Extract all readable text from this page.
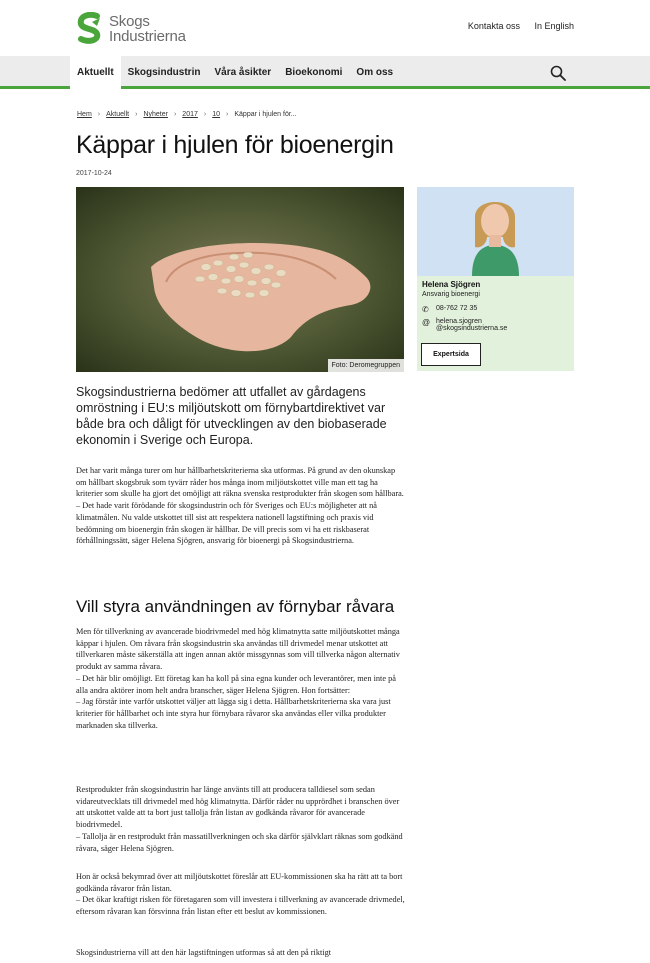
Skogs
Industrierna
Kontakta oss In English
Aktuellt	Skogsindustrin	Våra åsikter	Bioekonomi	Om oss
Hem › Aktuellt › Nyheter › 2017 › 10 › Käppar i hjulen för...
Käppar i hjulen för bioenergin
2017-10-24
Foto: Deromegruppen
Helena Sjögren
Ansvarig bioenergi
✆	08-762 72 35
@ helena.sjogren
@skogsindustrierna.se
Expertsida
Skogsindustrierna bedömer att utfallet av gårdagens omröstning i EU:s miljöutskott om förnybartdirektivet var både bra och dåligt för utvecklingen av den biobaserade ekonomin i Sverige och Europa.
Det har varit många turer om hur hållbarhetskriterierna ska utformas. På grund av den okunskap om hållbart skogsbruk som tyvärr råder hos många inom miljöutskottet ville man ett tag ha kriterier som skulle ha gjort det omöjligt att räkna svenska restprodukter från skogen som hållbara.
– Det hade varit förödande för skogsindustrin och för Sveriges och EU:s möjligheter att nå klimatmålen. Nu valde utskottet till sist att respektera nationell lagstiftning och praxis vid bedömning om bioenergin från skogen är hållbar. De vill precis som vi ha ett riskbaserat förhållningssätt, säger Helena Sjögren, ansvarig för bioenergi på Skogsindustrierna.
Vill styra användningen av förnybar råvara
Men för tillverkning av avancerade biodrivmedel med hög klimatnytta satte miljöutskottet många käppar i hjulen. Om råvara från skogsindustrin ska användas till drivmedel menar utskottet att tillverkaren måste säkerställa att ingen annan aktör missgynnas som vill tillverka någon alternativ produkt av samma råvara.
– Det här blir omöjligt. Ett företag kan ha koll på sina egna kunder och leverantörer, men inte på alla andra aktörer inom helt andra branscher, säger Helena Sjögren. Hon fortsätter:
– Jag förstår inte varför utskottet väljer att lägga sig i detta. Hållbarhetskriterierna ska vara just kriterier för hållbarhet och inte styra hur förnybara råvaror ska användas eller vilka produkter marknaden ska tillverka.
Restprodukter från skogsindustrin har länge använts till att producera talldiesel som sedan vidareutvecklats till drivmedel med hög klimatnytta. Därför råder nu upprördhet i branschen över att utskottet valde att ta bort just tallolja från listan av godkända råvaror för avancerade biodrivmedel.
– Tallolja är en restprodukt från massatillverkningen och ska därför självklart räknas som godkänd råvara, säger Helena Sjögren.
Hon är också bekymrad över att miljöutskottet föreslår att EU-kommissionen ska ha rätt att ta bort godkända råvaror från listan.
– Det ökar kraftigt risken för företagaren som vill investera i tillverkning av avancerade drivmedel, eftersom råvaran kan försvinna från listan efter ett beslut av kommissionen.
Skogsindustrierna vill att den här lagstiftningen utformas så att den på riktigt
